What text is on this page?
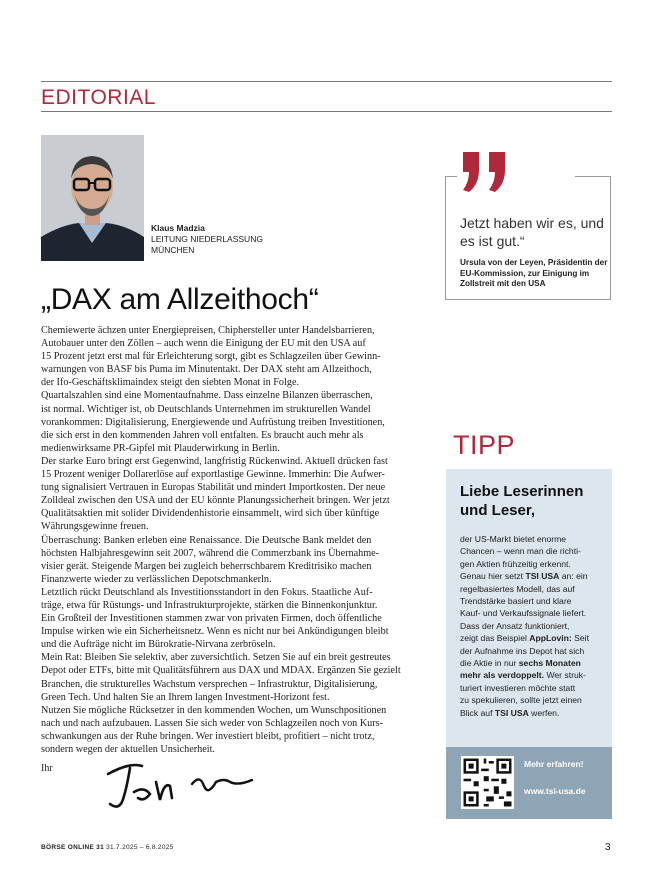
EDITORIAL
Klaus Madzia
LEITUNG NIEDERLASSUNG
MÜNCHEN
„DAX am Allzeithoch“
Chemiewerte ächzen unter Energiepreisen, Chiphersteller unter Handelsbarrieren,
Autobauer unter den Zöllen – auch wenn die Einigung der EU mit den USA auf
15 Prozent jetzt erst mal für Erleichterung sorgt, gibt es Schlagzeilen über Gewinn-
warnungen von BASF bis Puma im Minutentakt. Der DAX steht am Allzeithoch,
der Ifo-Geschäftsklimaindex steigt den siebten Monat in Folge.
Quartalszahlen sind eine Momentaufnahme. Dass einzelne Bilanzen überraschen,
ist normal. Wichtiger ist, ob Deutschlands Unternehmen im strukturellen Wandel
vorankommen: Digitalisierung, Energiewende und Aufrüstung treiben Investitionen,
die sich erst in den kommenden Jahren voll entfalten. Es braucht auch mehr als
medienwirksame PR-Gipfel mit Plauderwirkung in Berlin.
Der starke Euro bringt erst Gegenwind, langfristig Rückenwind. Aktuell drücken fast
15 Prozent weniger Dollarerlöse auf exportlastige Gewinne. Immerhin: Die Aufwer-
tung signalisiert Vertrauen in Europas Stabilität und mindert Importkosten. Der neue
Zolldeal zwischen den USA und der EU könnte Planungssicherheit bringen. Wer jetzt
Qualitätsaktien mit solider Dividendenhistorie einsammelt, wird sich über künftige
Währungsgewinne freuen.
Überraschung: Banken erleben eine Renaissance. Die Deutsche Bank meldet den
höchsten Halbjahresgewinn seit 2007, während die Commerzbank ins Übernahme-
visier gerät. Steigende Margen bei zugleich beherrschbarem Kreditrisiko machen
Finanzwerte wieder zu verlässlichen Depotschmankerln.
Letztlich rückt Deutschland als Investitionsstandort in den Fokus. Staatliche Auf-
träge, etwa für Rüstungs- und Infrastrukturprojekte, stärken die Binnenkonjunktur.
Ein Großteil der Investitionen stammen zwar von privaten Firmen, doch öffentliche
Impulse wirken wie ein Sicherheitsnetz. Wenn es nicht nur bei Ankündigungen bleibt
und die Aufträge nicht im Bürokratie-Nirvana zerbröseln.
Mein Rat: Bleiben Sie selektiv, aber zuversichtlich. Setzen Sie auf ein breit gestreutes
Depot oder ETFs, bitte mit Qualitätsführern aus DAX und MDAX. Ergänzen Sie gezielt
Branchen, die strukturelles Wachstum versprechen – Infrastruktur, Digitalisierung,
Green Tech. Und halten Sie an Ihrem langen Investment-Horizont fest.
Nutzen Sie mögliche Rücksetzer in den kommenden Wochen, um Wunschpositionen
nach und nach aufzubauen. Lassen Sie sich weder von Schlagzeilen noch von Kurs-
schwankungen aus der Ruhe bringen. Wer investiert bleibt, profitiert – nicht trotz,
sondern wegen der aktuellen Unsicherheit.
Ihr
Jetzt haben wir es, und es ist gut.“
Ursula von der Leyen, Präsidentin der EU-Kommission, zur Einigung im Zollstreit mit den USA
TIPP
Liebe Leserinnen
und Leser,
der US-Markt bietet enorme
Chancen – wenn man die richti-
gen Aktien frühzeitig erkennt.
Genau hier setzt TSI USA an: ein
regelbasiertes Modell, das auf
Trendstärke basiert und klare
Kauf- und Verkaufssignale liefert.
Dass der Ansatz funktioniert,
zeigt das Beispiel AppLovin: Seit
der Aufnahme ins Depot hat sich
die Aktie in nur sechs Monaten
mehr als verdoppelt. Wer struk-
turiert investieren möchte statt
zu spekulieren, sollte jetzt einen
Blick auf TSI USA werfen.
Mehr erfahren!
www.tsi-usa.de
BÖRSE ONLINE 31 31.7.2025 – 6.8.2025	3
